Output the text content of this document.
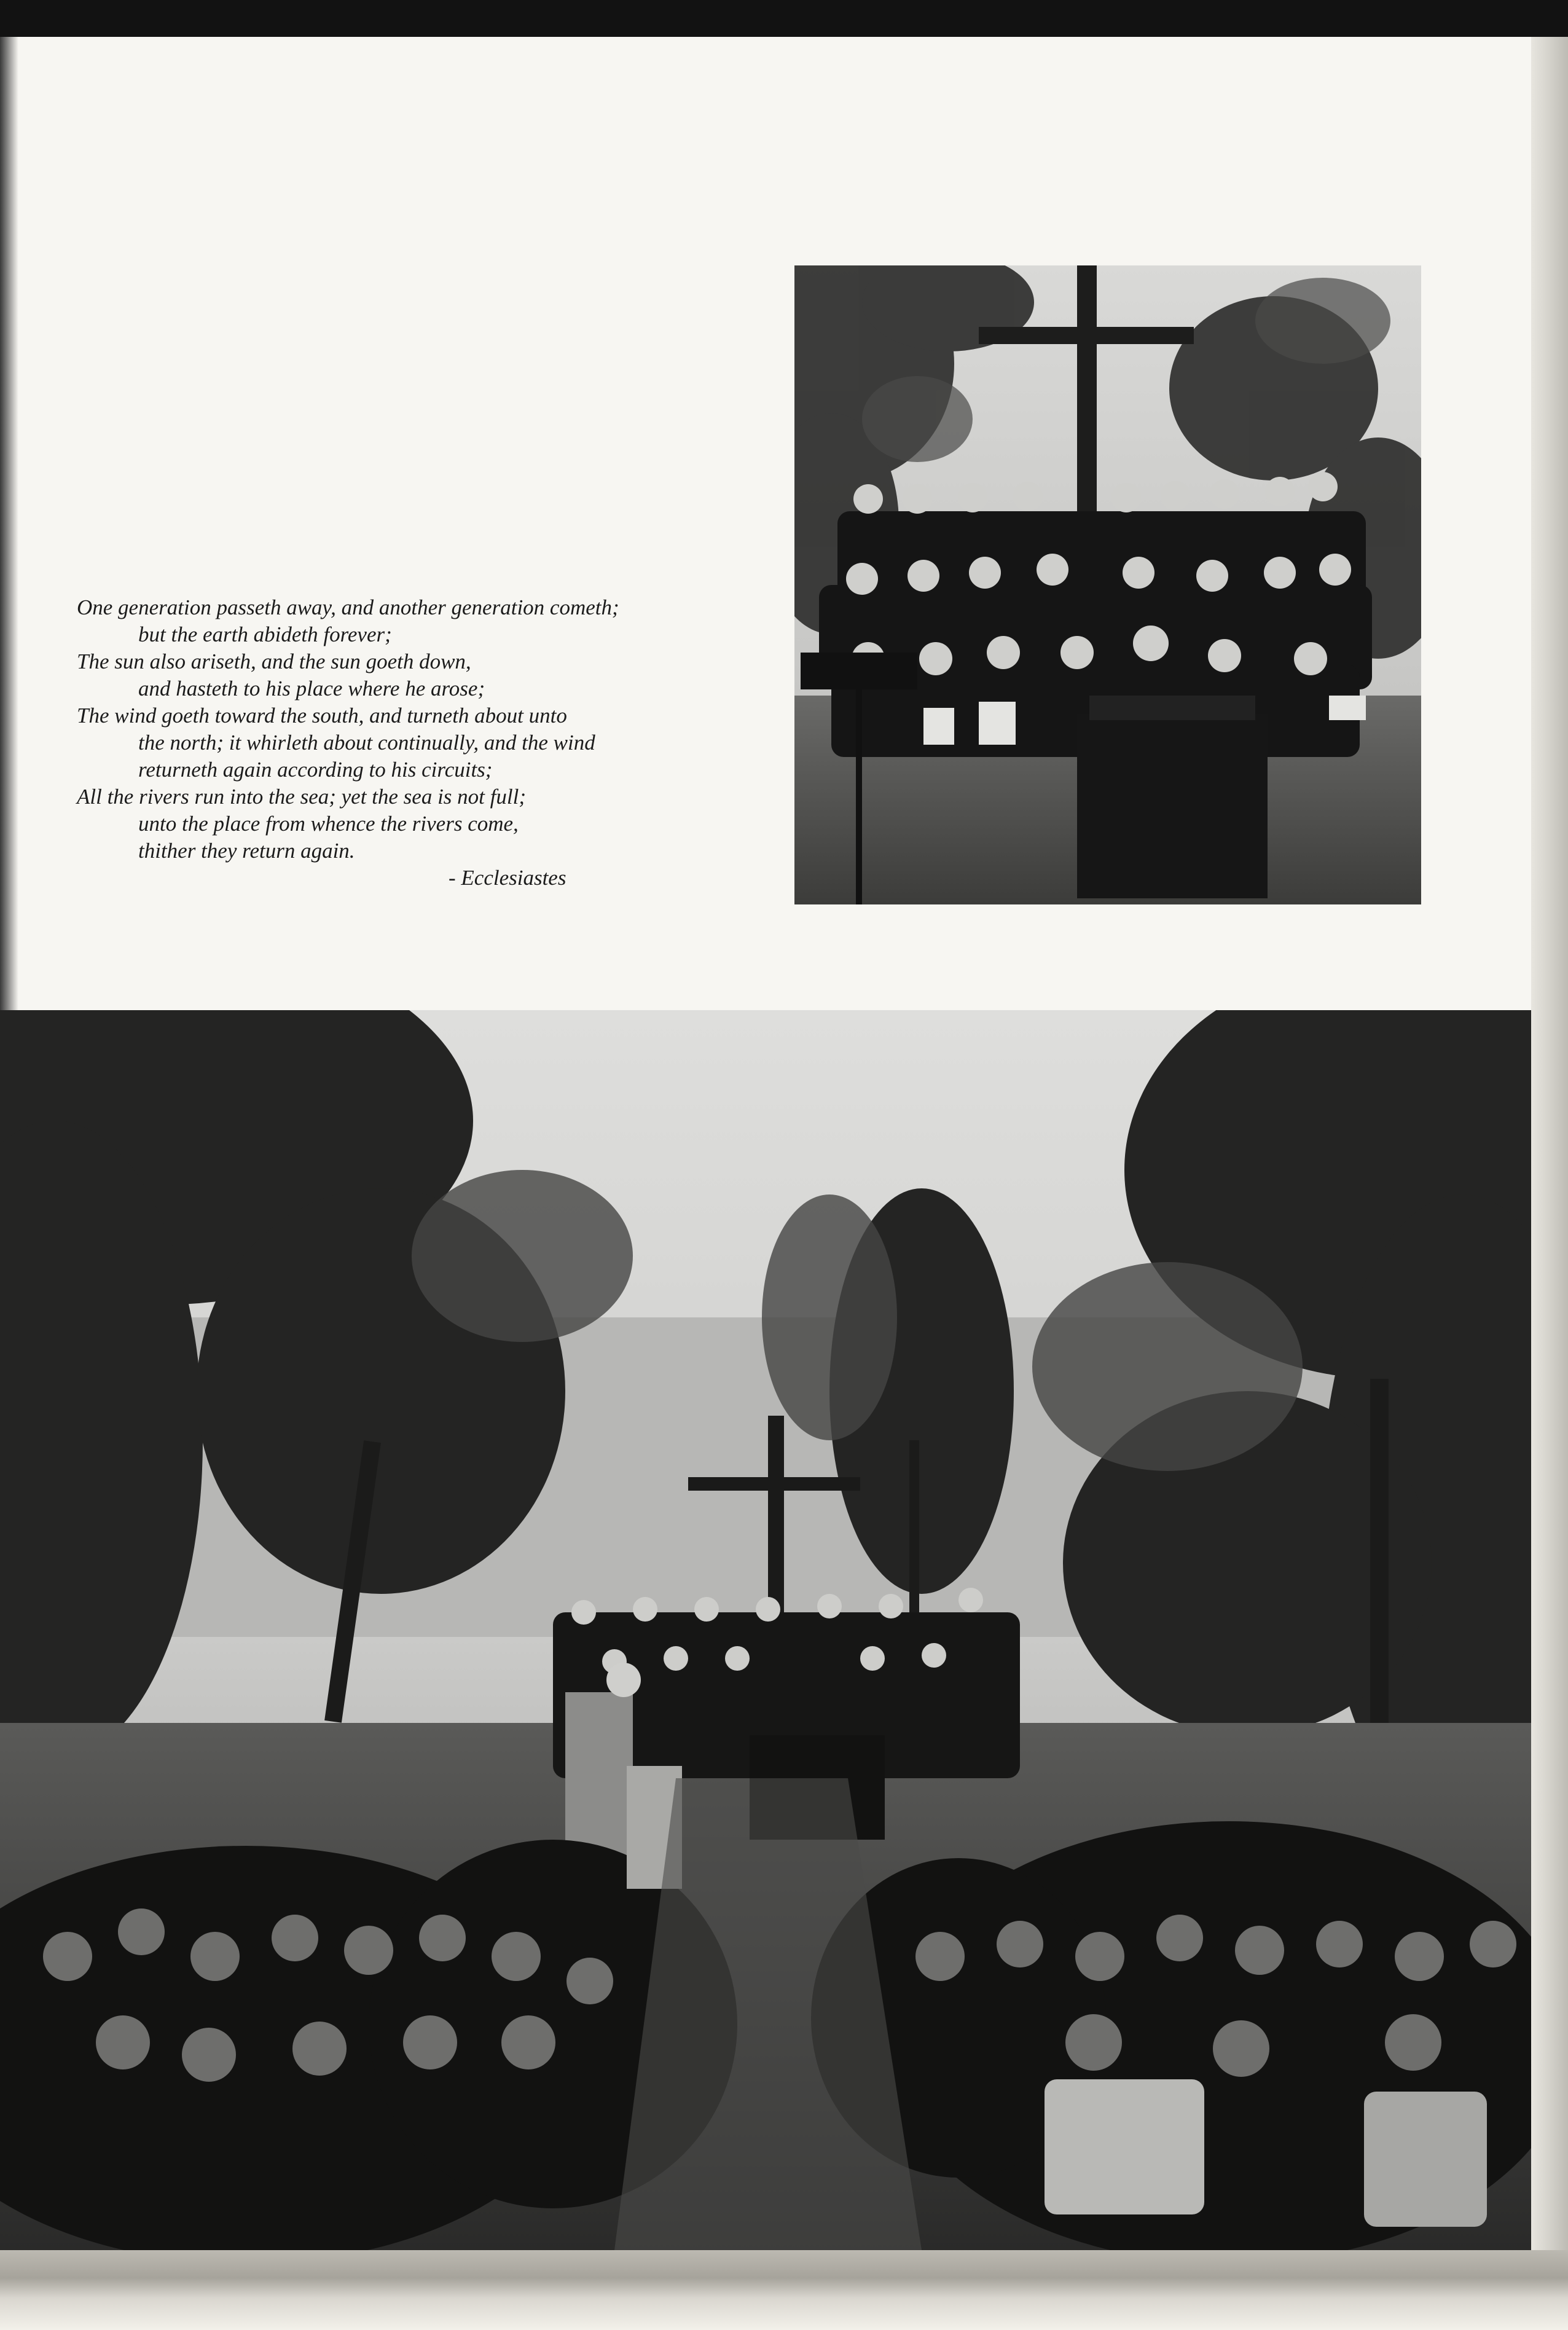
One generation passeth away, and another generation cometh;
but the earth abideth forever;
The sun also ariseth, and the sun goeth down,
and hasteth to his place where he arose;
The wind goeth toward the south, and turneth about unto
the north; it whirleth about continually, and the wind
returneth again according to his circuits;
All the rivers run into the sea; yet the sea is not full;
unto the place from whence the rivers come,
thither they return again.
- Ecclesiastes
